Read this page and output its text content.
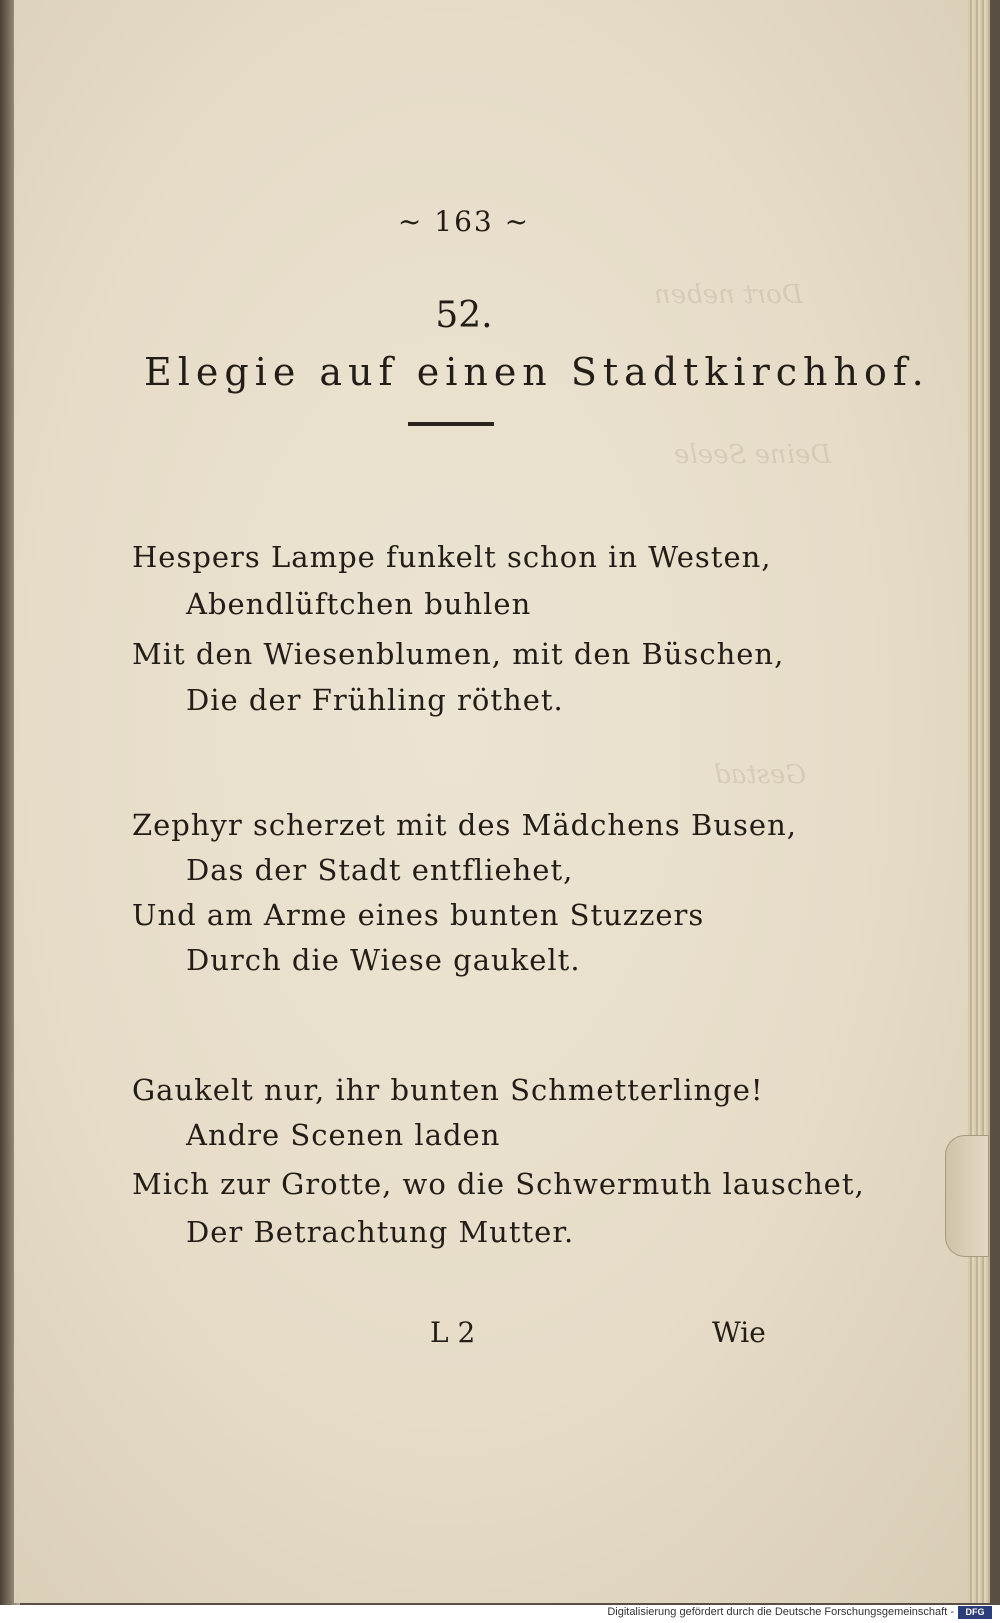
Dort neben
Deine Seele
Gestad
~ 163 ~
52.
Elegie auf einen Stadtkirchhof.
Hespers Lampe funkelt schon in Westen,
Abendlüftchen buhlen
Mit den Wiesenblumen, mit den Büschen,
Die der Frühling röthet.
Zephyr scherzet mit des Mädchens Busen,
Das der Stadt entfliehet,
Und am Arme eines bunten Stuzzers
Durch die Wiese gaukelt.
Gaukelt nur, ihr bunten Schmetterlinge!
Andre Scenen laden
Mich zur Grotte, wo die Schwermuth lauschet,
Der Betrachtung Mutter.
L 2	Wie
Digitalisierung gefördert durch die Deutsche Forschungsgemeinschaft -	DFG
